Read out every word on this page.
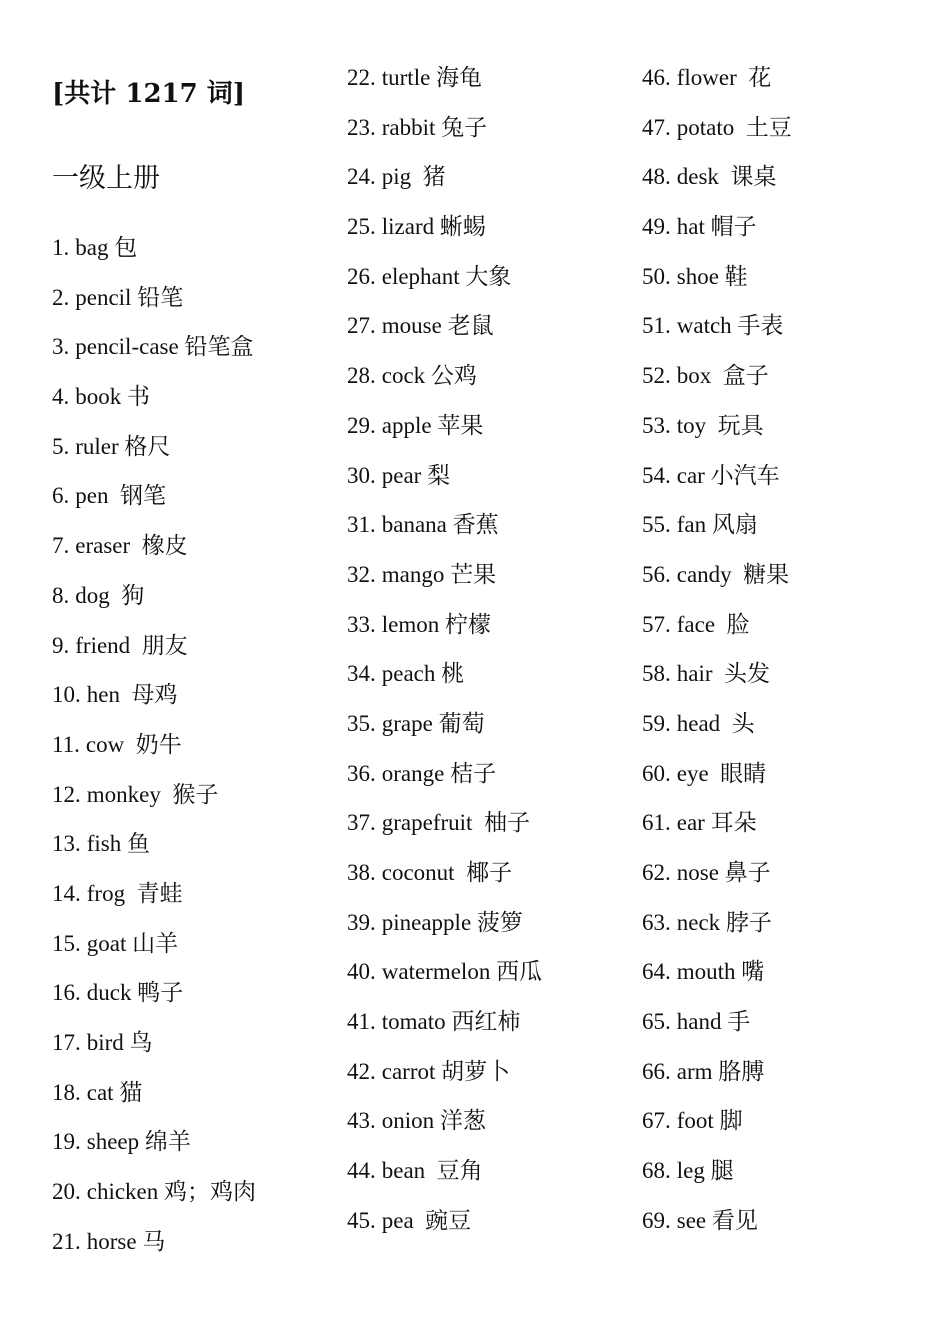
[共计 1217 词]
一级上册
1. bag 包
2. pencil 铅笔
3. pencil-case 铅笔盒
4. book 书
5. ruler 格尺
6. pen 钢笔
7. eraser 橡皮
8. dog 狗
9. friend 朋友
10. hen 母鸡
11. cow 奶牛
12. monkey 猴子
13. fish 鱼
14. frog 青蛙
15. goat 山羊
16. duck 鸭子
17. bird 鸟
18. cat 猫
19. sheep 绵羊
20. chicken 鸡；鸡肉
21. horse 马
22. turtle 海龟
23. rabbit 兔子
24. pig 猪
25. lizard 蜥蜴
26. elephant 大象
27. mouse 老鼠
28. cock 公鸡
29. apple 苹果
30. pear 梨
31. banana 香蕉
32. mango 芒果
33. lemon 柠檬
34. peach 桃
35. grape 葡萄
36. orange 桔子
37. grapefruit 柚子
38. coconut 椰子
39. pineapple 菠箩
40. watermelon 西瓜
41. tomato 西红柿
42. carrot 胡萝卜
43. onion 洋葱
44. bean 豆角
45. pea 豌豆
46. flower 花
47. potato 土豆
48. desk 课桌
49. hat 帽子
50. shoe 鞋
51. watch 手表
52. box 盒子
53. toy 玩具
54. car 小汽车
55. fan 风扇
56. candy 糖果
57. face 脸
58. hair 头发
59. head 头
60. eye 眼睛
61. ear 耳朵
62. nose 鼻子
63. neck 脖子
64. mouth 嘴
65. hand 手
66. arm 胳膊
67. foot 脚
68. leg 腿
69. see 看见
